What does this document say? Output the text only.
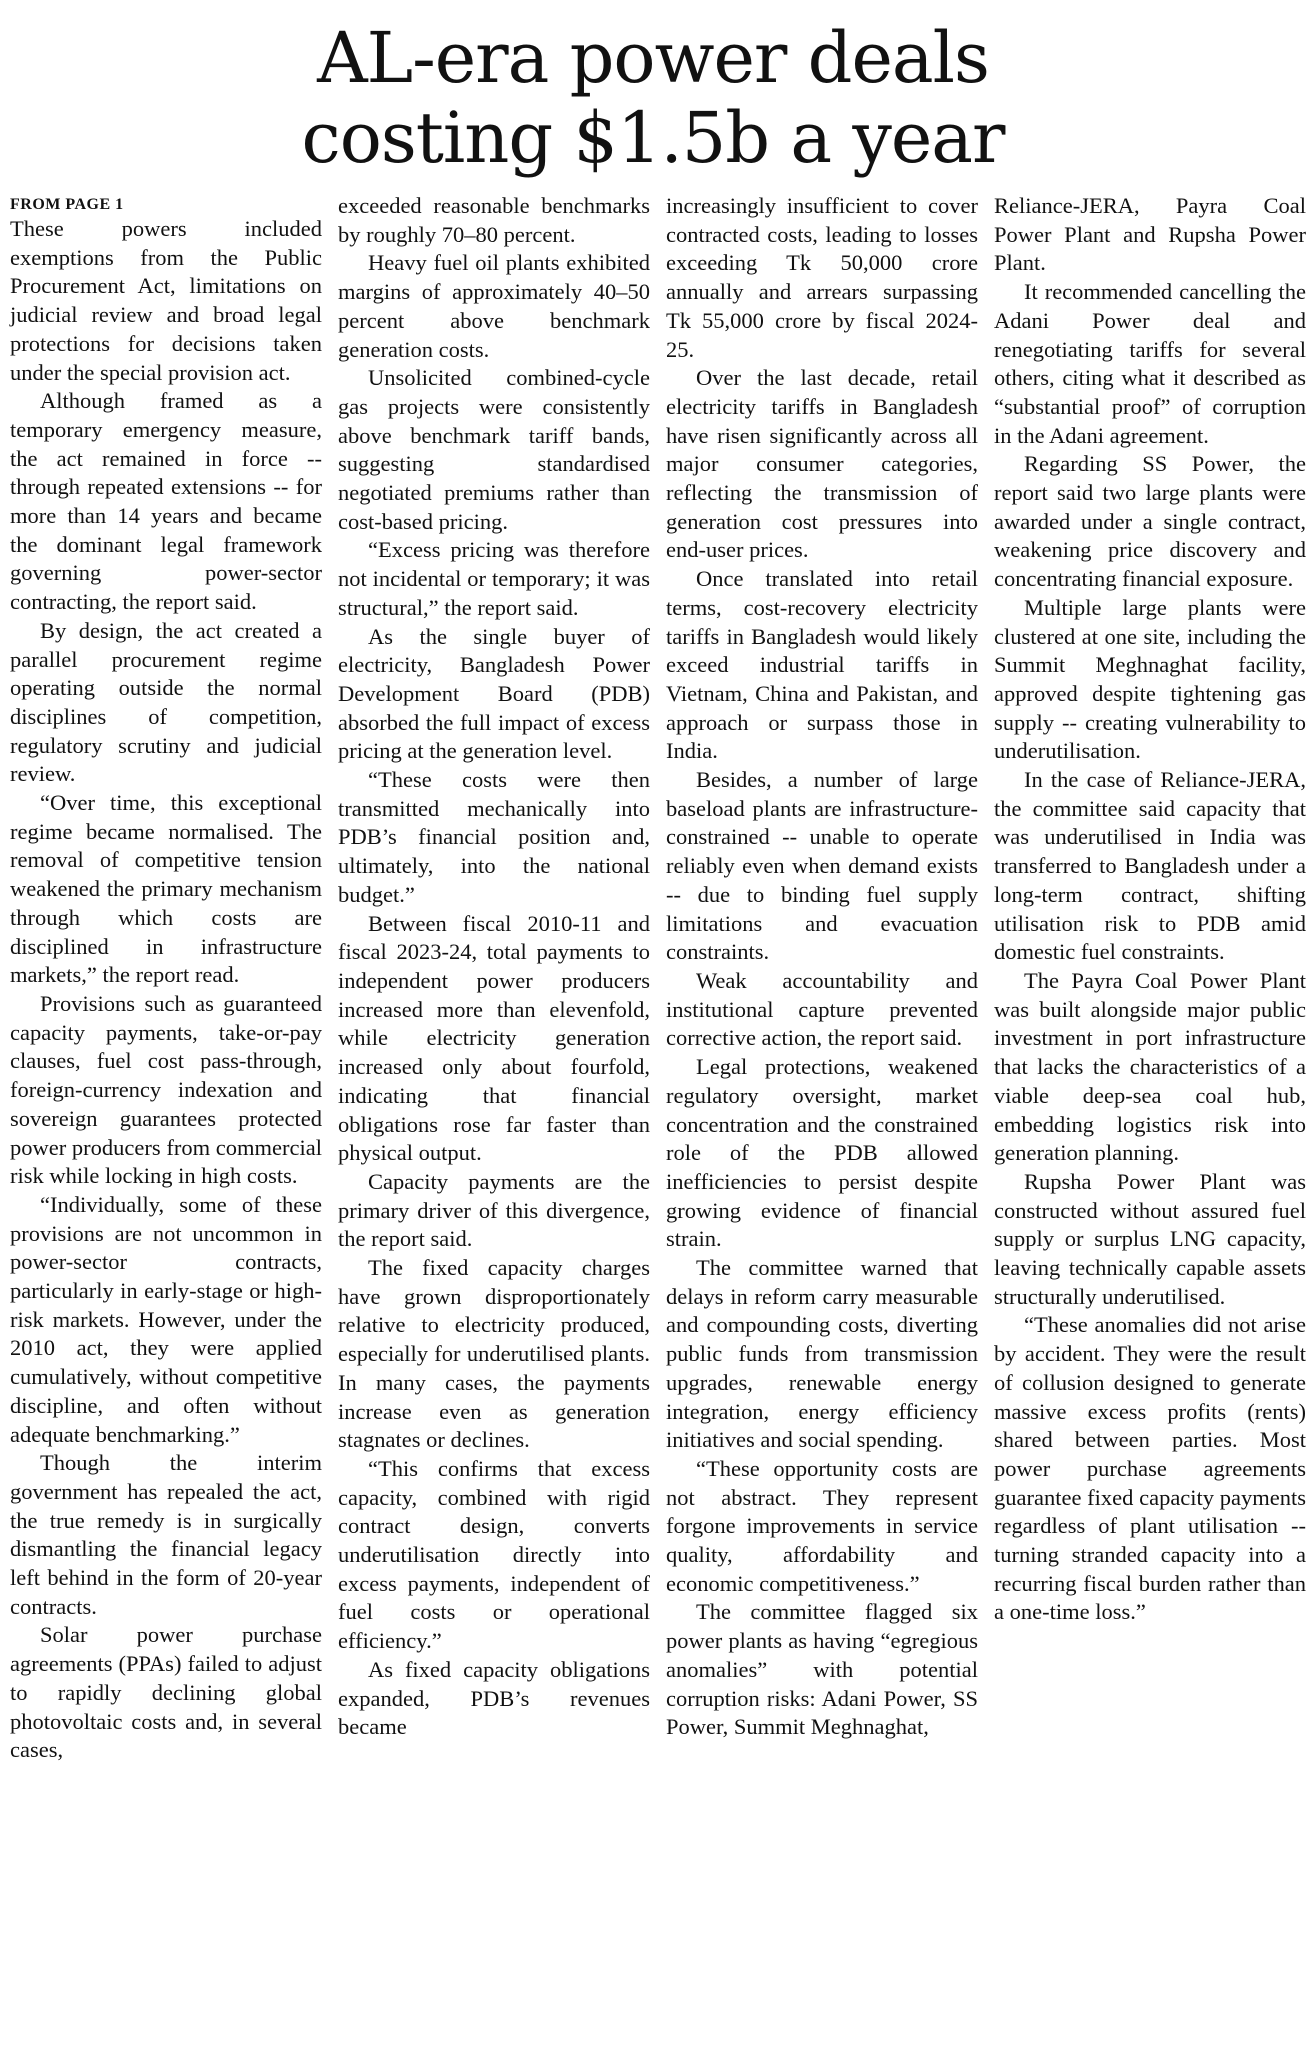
AL-era power deals
costing $1.5b a year
FROM PAGE 1

These powers included exemptions from the Public Procurement Act, limitations on judicial review and broad legal protections for decisions taken under the special provision act.

Although framed as a temporary emergency measure, the act remained in force -- through repeated extensions -- for more than 14 years and became the dominant legal framework governing power-sector contracting, the report said.

By design, the act created a parallel procurement regime operating outside the normal disciplines of competition, regulatory scrutiny and judicial review.

“Over time, this exceptional regime became normalised. The removal of competitive tension weakened the primary mechanism through which costs are disciplined in infrastructure markets,” the report read.

Provisions such as guaranteed capacity payments, take-or-pay clauses, fuel cost pass-through, foreign-currency indexation and sovereign guarantees protected power producers from commercial risk while locking in high costs.

“Individually, some of these provisions are not uncommon in power-sector contracts, particularly in early-stage or high-risk markets. However, under the 2010 act, they were applied cumulatively, without competitive discipline, and often without adequate benchmarking.”

Though the interim government has repealed the act, the true remedy is in surgically dismantling the financial legacy left behind in the form of 20-year contracts.

Solar power purchase agreements (PPAs) failed to adjust to rapidly declining global photovoltaic costs and, in several cases,

exceeded reasonable benchmarks by roughly 70–80 percent.

Heavy fuel oil plants exhibited margins of approximately 40–50 percent above benchmark generation costs.

Unsolicited combined-cycle gas projects were consistently above benchmark tariff bands, suggesting standardised negotiated premiums rather than cost-based pricing.

“Excess pricing was therefore not incidental or temporary; it was structural,” the report said.

As the single buyer of electricity, Bangladesh Power Development Board (PDB) absorbed the full impact of excess pricing at the generation level.

“These costs were then transmitted mechanically into PDB’s financial position and, ultimately, into the national budget.”

Between fiscal 2010-11 and fiscal 2023-24, total payments to independent power producers increased more than elevenfold, while electricity generation increased only about fourfold, indicating that financial obligations rose far faster than physical output.

Capacity payments are the primary driver of this divergence, the report said.

The fixed capacity charges have grown disproportionately relative to electricity produced, especially for underutilised plants. In many cases, the payments increase even as generation stagnates or declines.

“This confirms that excess capacity, combined with rigid contract design, converts underutilisation directly into excess payments, independent of fuel costs or operational efficiency.”

As fixed capacity obligations expanded, PDB’s revenues became

increasingly insufficient to cover contracted costs, leading to losses exceeding Tk 50,000 crore annually and arrears surpassing Tk 55,000 crore by fiscal 2024-25.

Over the last decade, retail electricity tariffs in Bangladesh have risen significantly across all major consumer categories, reflecting the transmission of generation cost pressures into end-user prices.

Once translated into retail terms, cost-recovery electricity tariffs in Bangladesh would likely exceed industrial tariffs in Vietnam, China and Pakistan, and approach or surpass those in India.

Besides, a number of large baseload plants are infrastructure-constrained -- unable to operate reliably even when demand exists -- due to binding fuel supply limitations and evacuation constraints.

Weak accountability and institutional capture prevented corrective action, the report said.

Legal protections, weakened regulatory oversight, market concentration and the constrained role of the PDB allowed inefficiencies to persist despite growing evidence of financial strain.

The committee warned that delays in reform carry measurable and compounding costs, diverting public funds from transmission upgrades, renewable energy integration, energy efficiency initiatives and social spending.

“These opportunity costs are not abstract. They represent forgone improvements in service quality, affordability and economic competitiveness.”

The committee flagged six power plants as having “egregious anomalies” with potential corruption risks: Adani Power, SS Power, Summit Meghnaghat,

Reliance-JERA, Payra Coal Power Plant and Rupsha Power Plant.

It recommended cancelling the Adani Power deal and renegotiating tariffs for several others, citing what it described as “substantial proof” of corruption in the Adani agreement.

Regarding SS Power, the report said two large plants were awarded under a single contract, weakening price discovery and concentrating financial exposure.

Multiple large plants were clustered at one site, including the Summit Meghnaghat facility, approved despite tightening gas supply -- creating vulnerability to underutilisation.

In the case of Reliance-JERA, the committee said capacity that was underutilised in India was transferred to Bangladesh under a long-term contract, shifting utilisation risk to PDB amid domestic fuel constraints.

The Payra Coal Power Plant was built alongside major public investment in port infrastructure that lacks the characteristics of a viable deep-sea coal hub, embedding logistics risk into generation planning.

Rupsha Power Plant was constructed without assured fuel supply or surplus LNG capacity, leaving technically capable assets structurally underutilised.

“These anomalies did not arise by accident. They were the result of collusion designed to generate massive excess profits (rents) shared between parties. Most power purchase agreements guarantee fixed capacity payments regardless of plant utilisation -- turning stranded capacity into a recurring fiscal burden rather than a one-time loss.”
